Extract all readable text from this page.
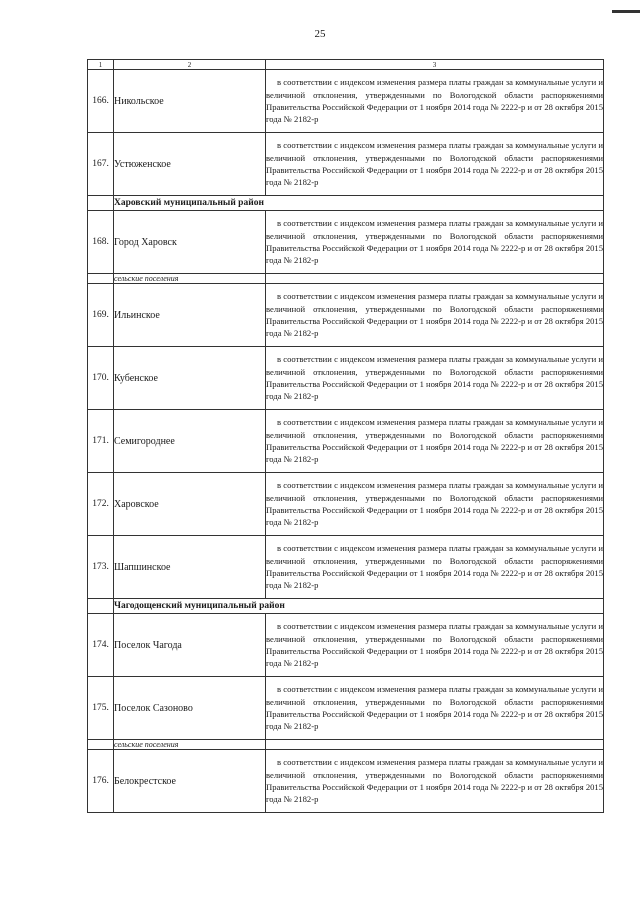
25
1	2	3
166.	Никольское	в соответствии с индексом изменения размера платы граждан за коммунальные услуги и величиной отклонения, утвержденными по Вологодской области распоряжениями Правительства Российской Федерации от 1 ноября 2014 года № 2222-р и от 28 октября 2015 года № 2182-р
167.	Устюженское	в соответствии с индексом изменения размера платы граждан за коммунальные услуги и величиной отклонения, утвержденными по Вологодской области распоряжениями Правительства Российской Федерации от 1 ноября 2014 года № 2222-р и от 28 октября 2015 года № 2182-р
	Харовский муниципальный район	
168.	Город Харовск	в соответствии с индексом изменения размера платы граждан за коммунальные услуги и величиной отклонения, утвержденными по Вологодской области распоряжениями Правительства Российской Федерации от 1 ноября 2014 года № 2222-р и от 28 октября 2015 года № 2182-р
	сельские поселения	
169.	Ильинское	в соответствии с индексом изменения размера платы граждан за коммунальные услуги и величиной отклонения, утвержденными по Вологодской области распоряжениями Правительства Российской Федерации от 1 ноября 2014 года № 2222-р и от 28 октября 2015 года № 2182-р
170.	Кубенское	в соответствии с индексом изменения размера платы граждан за коммунальные услуги и величиной отклонения, утвержденными по Вологодской области распоряжениями Правительства Российской Федерации от 1 ноября 2014 года № 2222-р и от 28 октября 2015 года № 2182-р
171.	Семигороднее	в соответствии с индексом изменения размера платы граждан за коммунальные услуги и величиной отклонения, утвержденными по Вологодской области распоряжениями Правительства Российской Федерации от 1 ноября 2014 года № 2222-р и от 28 октября 2015 года № 2182-р
172.	Харовское	в соответствии с индексом изменения размера платы граждан за коммунальные услуги и величиной отклонения, утвержденными по Вологодской области распоряжениями Правительства Российской Федерации от 1 ноября 2014 года № 2222-р и от 28 октября 2015 года № 2182-р
173.	Шапшинское	в соответствии с индексом изменения размера платы граждан за коммунальные услуги и величиной отклонения, утвержденными по Вологодской области распоряжениями Правительства Российской Федерации от 1 ноября 2014 года № 2222-р и от 28 октября 2015 года № 2182-р
	Чагодощенский муниципальный район	
174.	Поселок Чагода	в соответствии с индексом изменения размера платы граждан за коммунальные услуги и величиной отклонения, утвержденными по Вологодской области распоряжениями Правительства Российской Федерации от 1 ноября 2014 года № 2222-р и от 28 октября 2015 года № 2182-р
175.	Поселок Сазоново	в соответствии с индексом изменения размера платы граждан за коммунальные услуги и величиной отклонения, утвержденными по Вологодской области распоряжениями Правительства Российской Федерации от 1 ноября 2014 года № 2222-р и от 28 октября 2015 года № 2182-р
	сельские поселения	
176.	Белокрестское	в соответствии с индексом изменения размера платы граждан за коммунальные услуги и величиной отклонения, утвержденными по Вологодской области распоряжениями Правительства Российской Федерации от 1 ноября 2014 года № 2222-р и от 28 октября 2015 года № 2182-р
